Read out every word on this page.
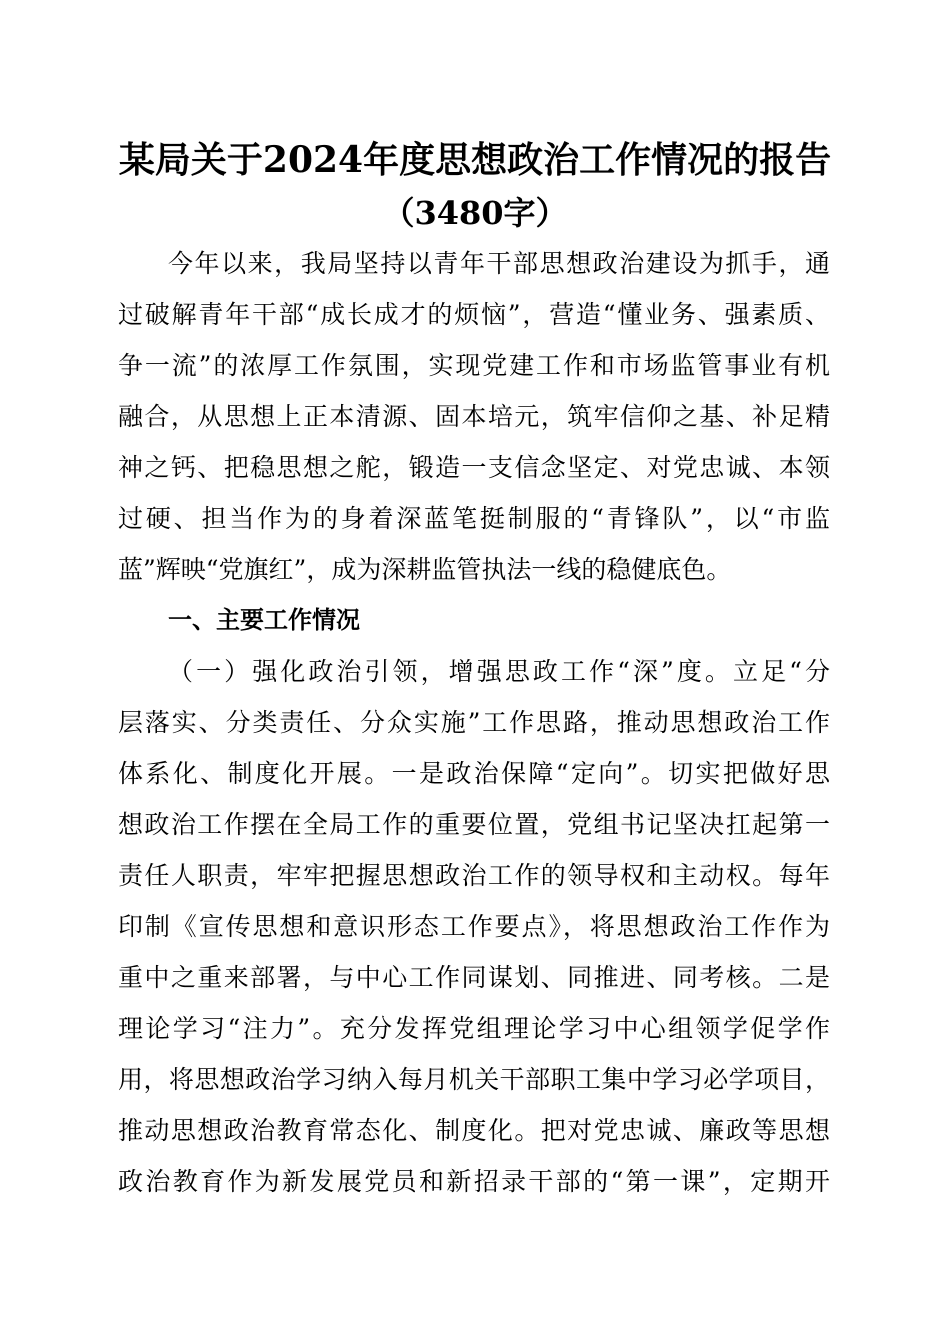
某局关于2024年度思想政治工作情况的报告
（3480字）
今年以来，我局坚持以青年干部思想政治建设为抓手，通
过破解青年干部“成长成才的烦恼”，营造“懂业务、强素质、
争一流”的浓厚工作氛围，实现党建工作和市场监管事业有机
融合，从思想上正本清源、固本培元，筑牢信仰之基、补足精
神之钙、把稳思想之舵，锻造一支信念坚定、对党忠诚、本领
过硬、担当作为的身着深蓝笔挺制服的“青锋队”，以“市监
蓝”辉映“党旗红”，成为深耕监管执法一线的稳健底色。
一、主要工作情况
（一）强化政治引领，增强思政工作“深”度。立足“分
层落实、分类责任、分众实施”工作思路，推动思想政治工作
体系化、制度化开展。一是政治保障“定向”。切实把做好思
想政治工作摆在全局工作的重要位置，党组书记坚决扛起第一
责任人职责，牢牢把握思想政治工作的领导权和主动权。每年
印制《宣传思想和意识形态工作要点》，将思想政治工作作为
重中之重来部署，与中心工作同谋划、同推进、同考核。二是
理论学习“注力”。充分发挥党组理论学习中心组领学促学作
用，将思想政治学习纳入每月机关干部职工集中学习必学项目，
推动思想政治教育常态化、制度化。把对党忠诚、廉政等思想
政治教育作为新发展党员和新招录干部的“第一课”，定期开
